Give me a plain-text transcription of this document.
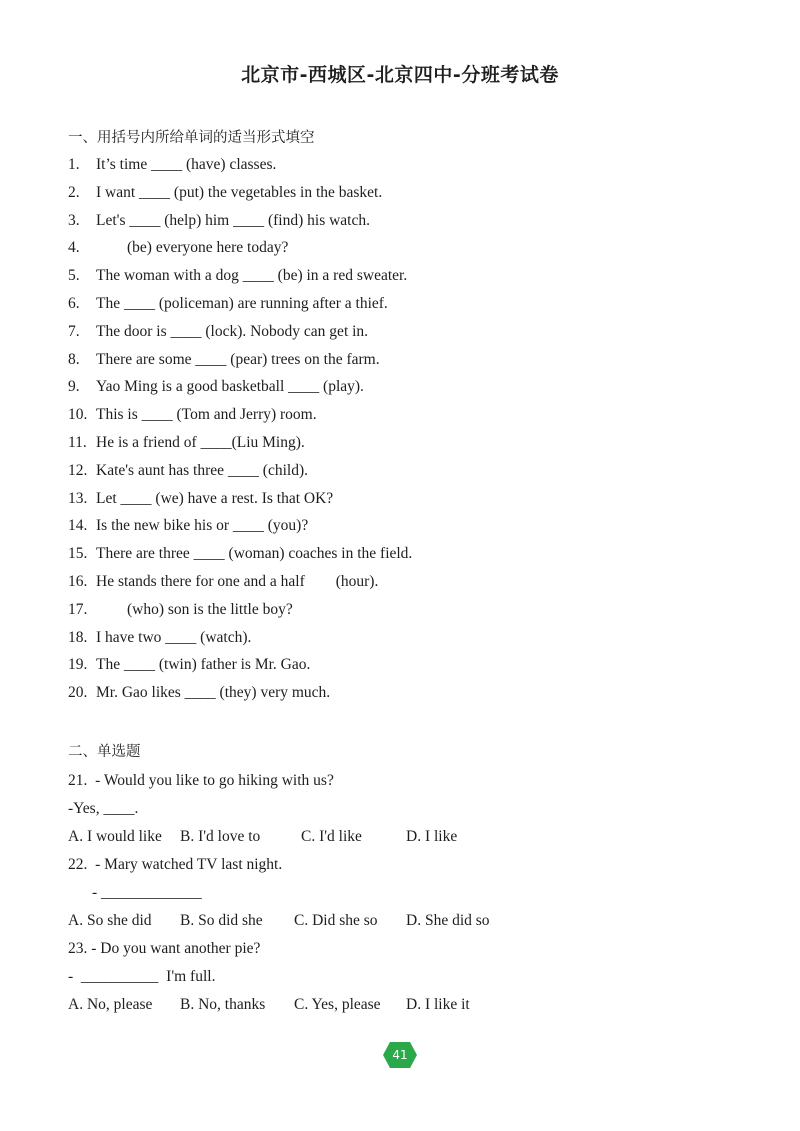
北京市-西城区-北京四中-分班考试卷
一、用括号内所给单词的适当形式填空
1. It’s time ____ (have) classes.
2. I want ____ (put) the vegetables in the basket.
3. Let's ____ (help) him ____ (find) his watch.
4.        (be) everyone here today?
5. The woman with a dog ____ (be) in a red sweater.
6. The ____ (policeman) are running after a thief.
7. The door is ____ (lock). Nobody can get in.
8. There are some ____ (pear) trees on the farm.
9. Yao Ming is a good basketball ____ (play).
10. This is ____ (Tom and Jerry) room.
11. He is a friend of ____(Liu Ming).
12. Kate's aunt has three ____ (child).
13. Let ____ (we) have a rest. Is that OK?
14. Is the new bike his or ____ (you)?
15. There are three ____ (woman) coaches in the field.
16. He stands there for one and a half        (hour).
17.        (who) son is the little boy?
18. I have two ____ (watch).
19. The ____ (twin) father is Mr. Gao.
20. Mr. Gao likes ____ (they) very much.
二、单选题
21.  - Would you like to go hiking with us?
-Yes, ____.

A. I would like

B. I'd love to

	C. I'd like

	D. I like

22.  - Mary watched TV last night.
- _____________

A. So she did

B. So did she

C. Did she so

D. She did so

23. - Do you want another pie?
-  __________  I'm full.

A. No, please

B. No, thanks

C. Yes, please

D. I like it

41
